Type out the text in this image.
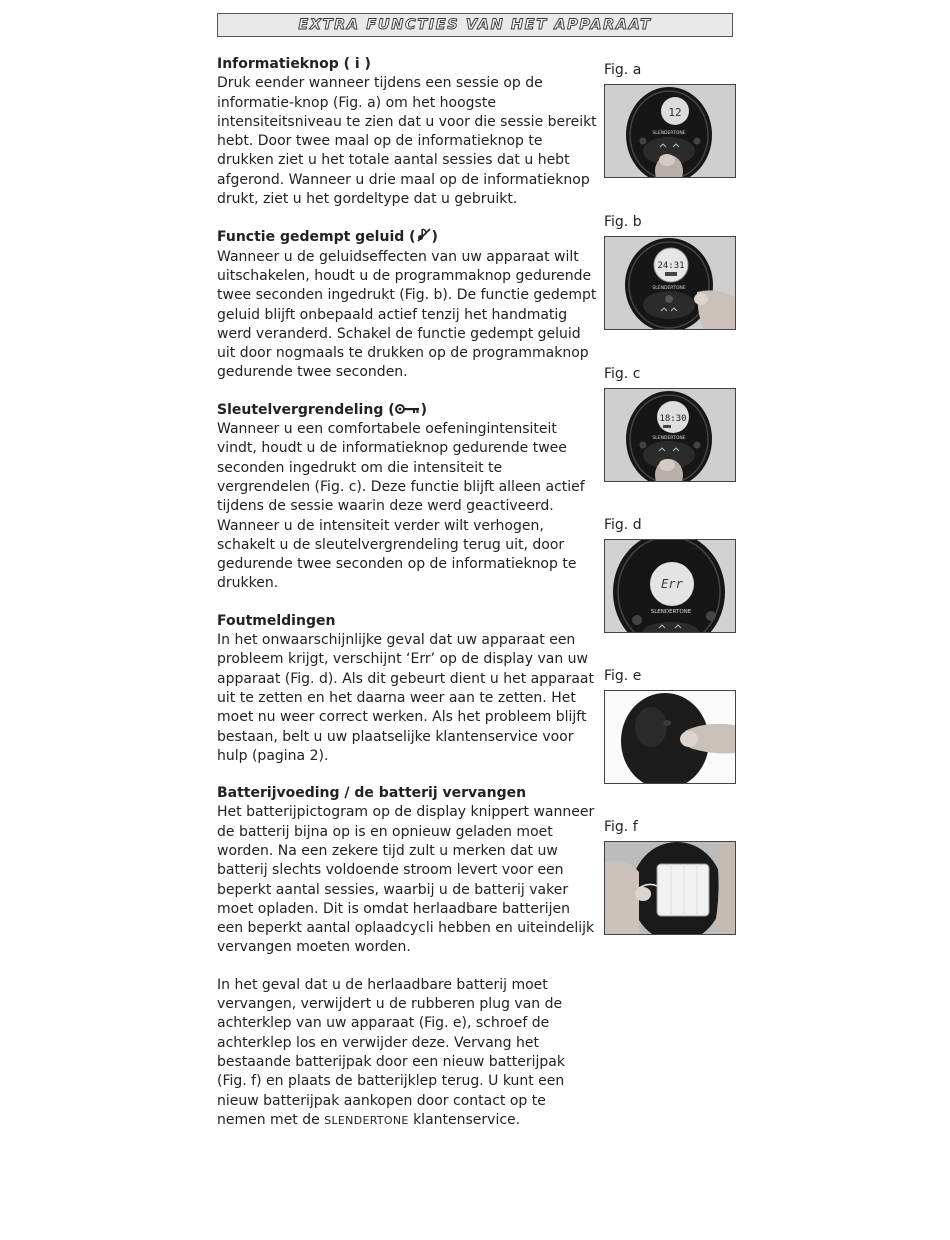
EXTRA FUNCTIES VAN HET APPARAAT
Informatieknop ( i )

Druk eender wanneer tijdens een sessie op de informatie-knop (Fig. a) om het hoogste intensiteitsniveau te zien dat u voor die sessie bereikt hebt. Door twee maal op de informatieknop te drukken ziet u het totale aantal sessies dat u hebt afgerond. Wanneer u drie maal op de informatieknop drukt, ziet u het gordeltype dat u gebruikt.

Functie gedempt geluid ( )

Wanneer u de geluidseffecten van uw apparaat wilt uitschakelen, houdt u de programmaknop gedurende twee seconden ingedrukt (Fig. b). De functie gedempt geluid blijft onbepaald actief tenzij het handmatig werd veranderd. Schakel de functie gedempt geluid uit door nogmaals te drukken op de programmaknop gedurende twee seconden.

Sleutelvergrendeling ( )

Wanneer u een comfortabele oefeningintensiteit vindt, houdt u de informatieknop gedurende twee seconden ingedrukt om die intensiteit te vergrendelen (Fig. c). Deze functie blijft alleen actief tijdens de sessie waarin deze werd geactiveerd. Wanneer u de intensiteit verder wilt verhogen, schakelt u de sleutelvergrendeling terug uit, door gedurende twee seconden op de informatieknop te drukken.

Foutmeldingen

In het onwaarschijnlijke geval dat uw apparaat een probleem krijgt, verschijnt ‘Err’ op de display van uw apparaat (Fig. d). Als dit gebeurt dient u het apparaat uit te zetten en het daarna weer aan te zetten. Het moet nu weer correct werken. Als het probleem blijft bestaan, belt u uw plaatselijke klantenservice voor hulp (pagina 2).

Batterijvoeding / de batterij vervangen

Het batterijpictogram op de display knippert wanneer de batterij bijna op is en opnieuw geladen moet worden. Na een zekere tijd zult u merken dat uw batterij slechts voldoende stroom levert voor een beperkt aantal sessies, waarbij u de batterij vaker moet opladen. Dit is omdat herlaadbare batterijen een beperkt aantal oplaadcycli hebben en uiteindelijk vervangen moeten worden.

In het geval dat u de herlaadbare batterij moet vervangen, verwijdert u de rubberen plug van de achterklep van uw apparaat (Fig. e), schroef de achterklep los en verwijder deze. Vervang het bestaande batterijpak door een nieuw batterijpak (Fig. f) en plaats de batterijklep terug. U kunt een nieuw batterijpak aankopen door contact op te nemen met de SLENDERTONE klantenservice.

Fig. a
12
SLENDERTONE
Fig. b
24:31
SLENDERTONE
Fig. c
18:30
SLENDERTONE
Fig. d
Err
SLENDERTONE
Fig. e
Fig. f
